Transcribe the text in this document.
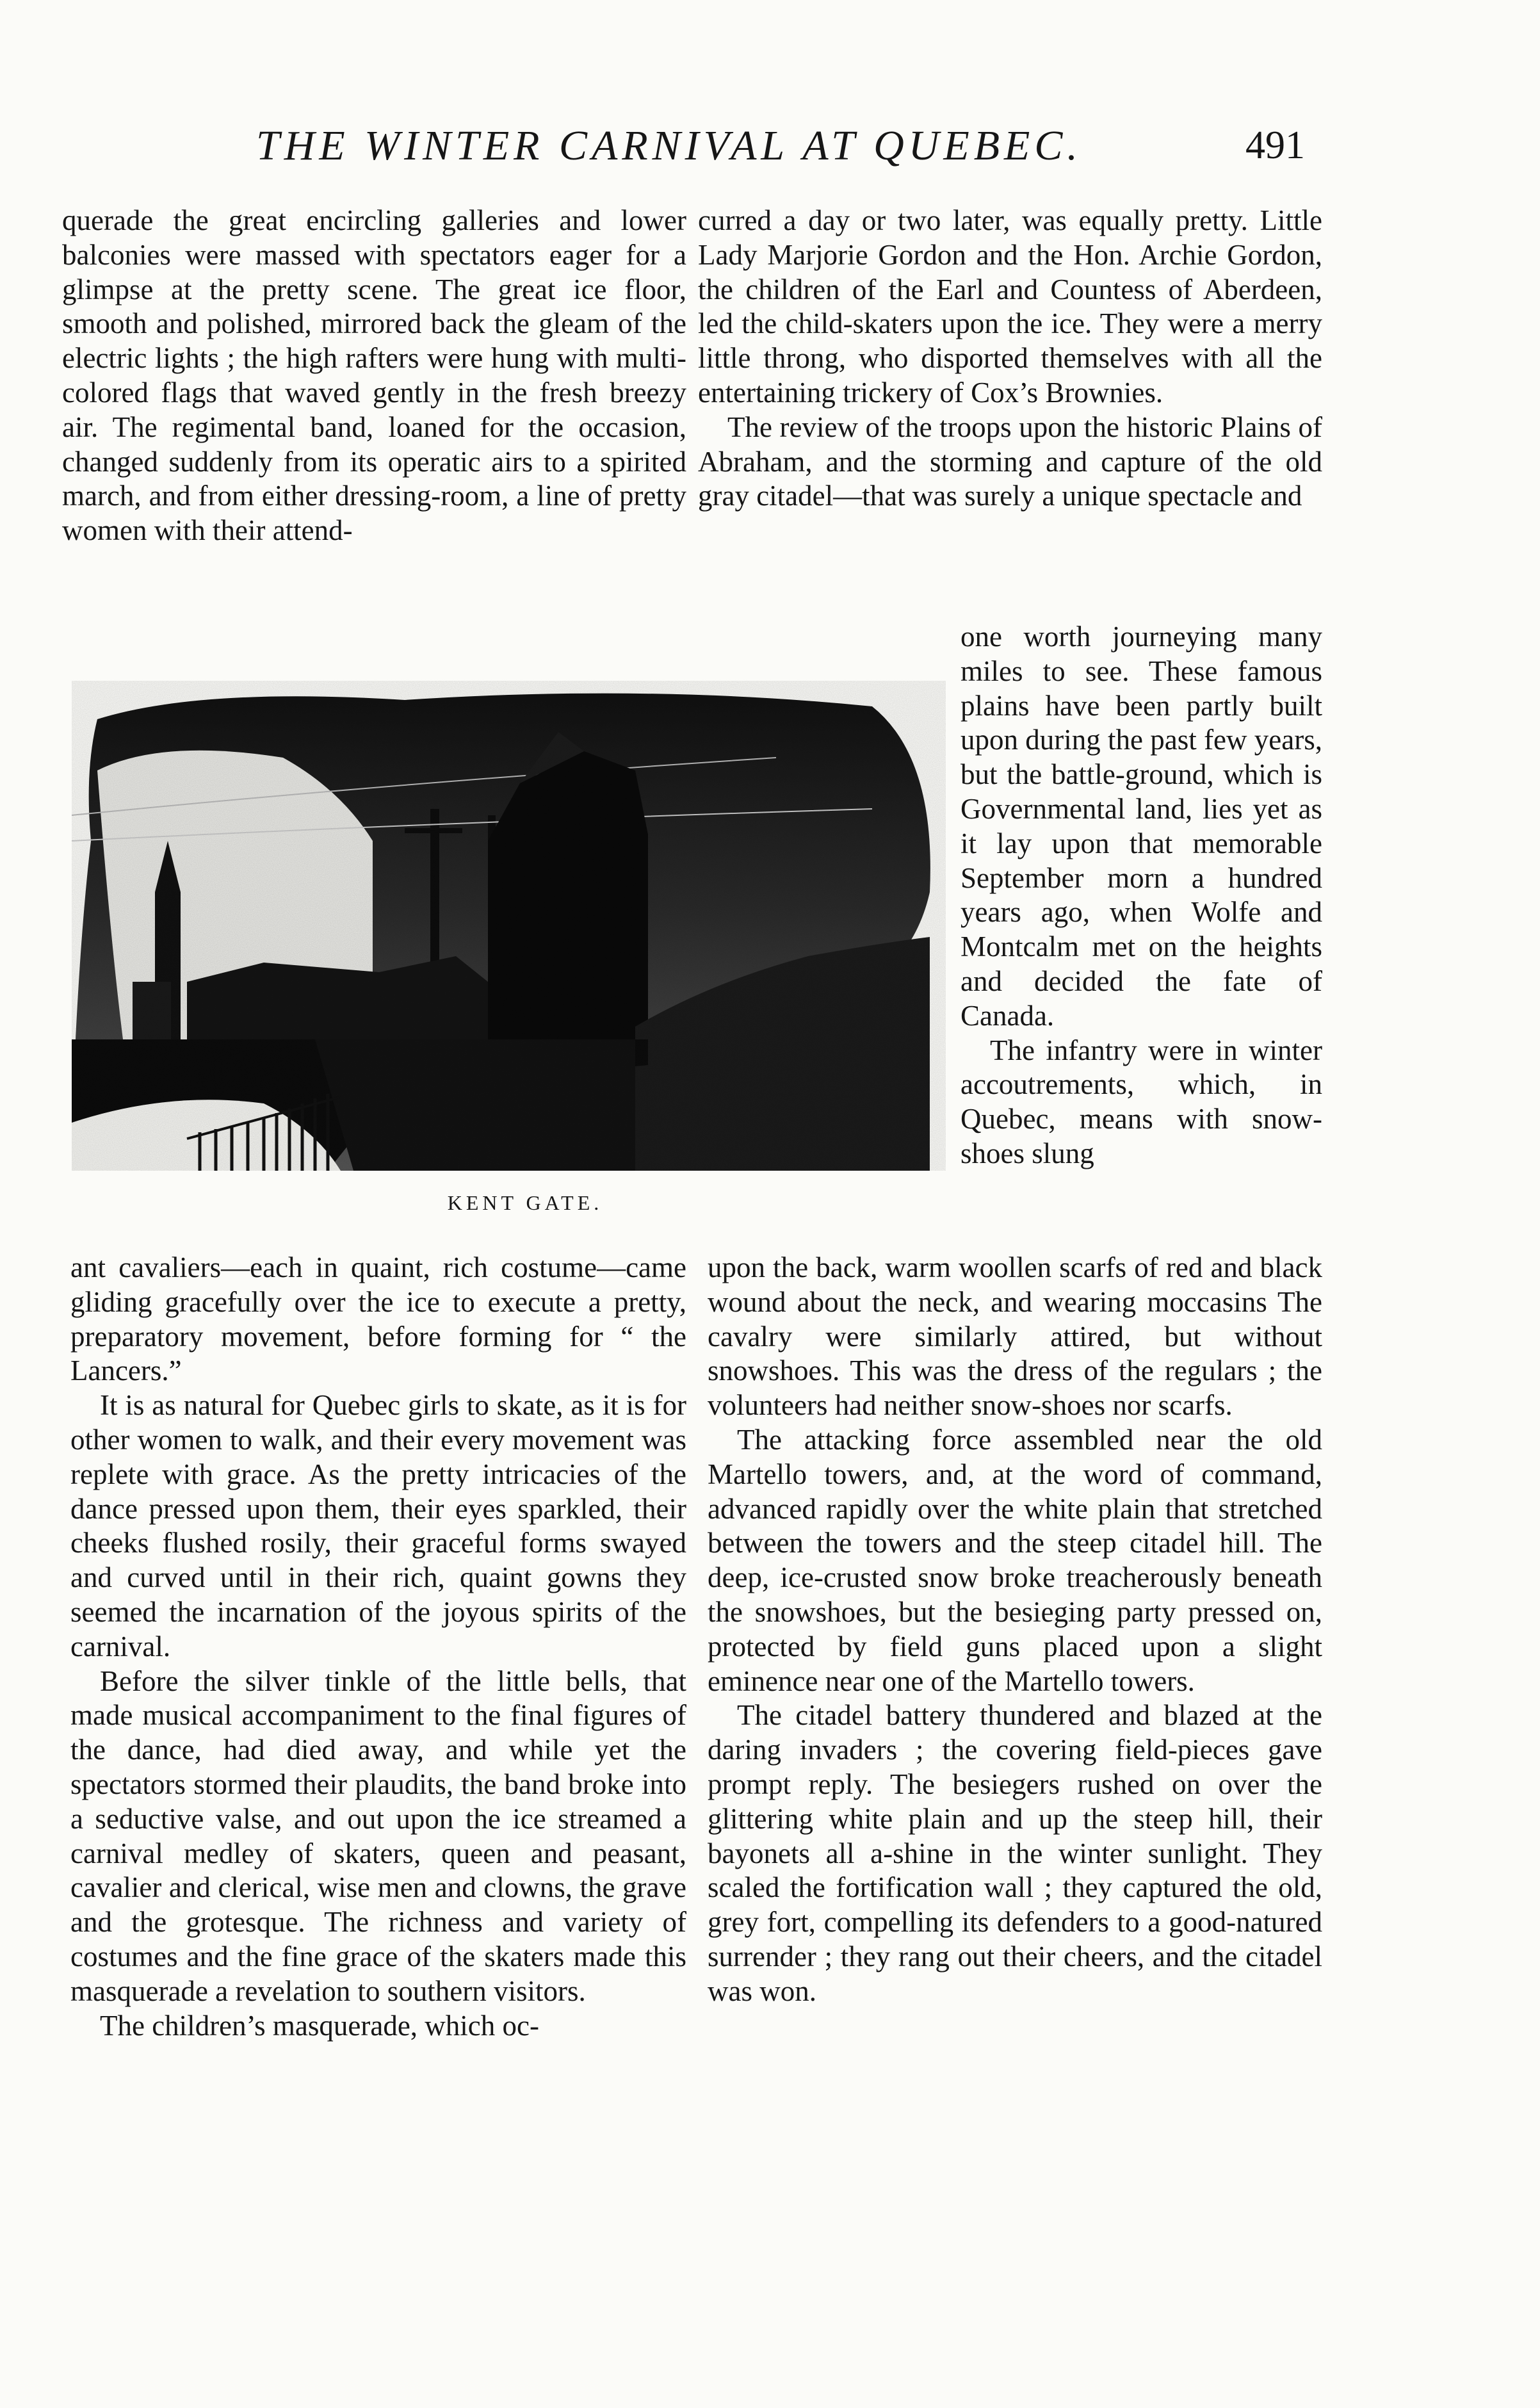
THE WINTER CARNIVAL AT QUEBEC.	491

querade the great encircling galleries and lower balconies were massed with spectators eager for a glimpse at the pretty scene. The great ice floor, smooth and polished, mirrored back the gleam of the electric lights ; the high rafters were hung with multi-colored flags that waved gently in the fresh breezy air. The regimental band, loaned for the occasion, changed suddenly from its operatic airs to a spirited march, and from either dressing-room, a line of pretty women with their attend-

curred a day or two later, was equally pretty. Little Lady Marjorie Gordon and the Hon. Archie Gordon, the children of the Earl and Countess of Aberdeen, led the child-skaters upon the ice. They were a merry little throng, who disported themselves with all the entertaining trickery of Cox’s Brownies.

The review of the troops upon the historic Plains of Abraham, and the storming and capture of the old gray citadel—that was surely a unique spectacle and

KENT GATE.

one worth journeying many miles to see. These famous plains have been partly built upon during the past few years, but the battle-ground, which is Governmental land, lies yet as it lay upon that memorable September morn a hundred years ago, when Wolfe and Montcalm met on the heights and decided the fate of Canada.

The infantry were in winter accoutrements, which, in Quebec, means with snow-shoes slung

ant cavaliers—each in quaint, rich costume—came gliding gracefully over the ice to execute a pretty, preparatory movement, before forming for “ the Lancers.”

It is as natural for Quebec girls to skate, as it is for other women to walk, and their every movement was replete with grace. As the pretty intricacies of the dance pressed upon them, their eyes sparkled, their cheeks flushed rosily, their graceful forms swayed and curved until in their rich, quaint gowns they seemed the incarnation of the joyous spirits of the carnival.

Before the silver tinkle of the little bells, that made musical accompaniment to the final figures of the dance, had died away, and while yet the spectators stormed their plaudits, the band broke into a seductive valse, and out upon the ice streamed a carnival medley of skaters, queen and peasant, cavalier and clerical, wise men and clowns, the grave and the grotesque. The richness and variety of costumes and the fine grace of the skaters made this masquerade a revelation to southern visitors.

The children’s masquerade, which oc-

upon the back, warm woollen scarfs of red and black wound about the neck, and wearing moccasins The cavalry were similarly attired, but without snowshoes. This was the dress of the regulars ; the volunteers had neither snow-shoes nor scarfs.

The attacking force assembled near the old Martello towers, and, at the word of command, advanced rapidly over the white plain that stretched between the towers and the steep citadel hill. The deep, ice-crusted snow broke treacherously beneath the snowshoes, but the besieging party pressed on, protected by field guns placed upon a slight eminence near one of the Martello towers.

The citadel battery thundered and blazed at the daring invaders ; the covering field-pieces gave prompt reply. The besiegers rushed on over the glittering white plain and up the steep hill, their bayonets all a-shine in the winter sunlight. They scaled the fortification wall ; they captured the old, grey fort, compelling its defenders to a good-natured surrender ; they rang out their cheers, and the citadel was won.
